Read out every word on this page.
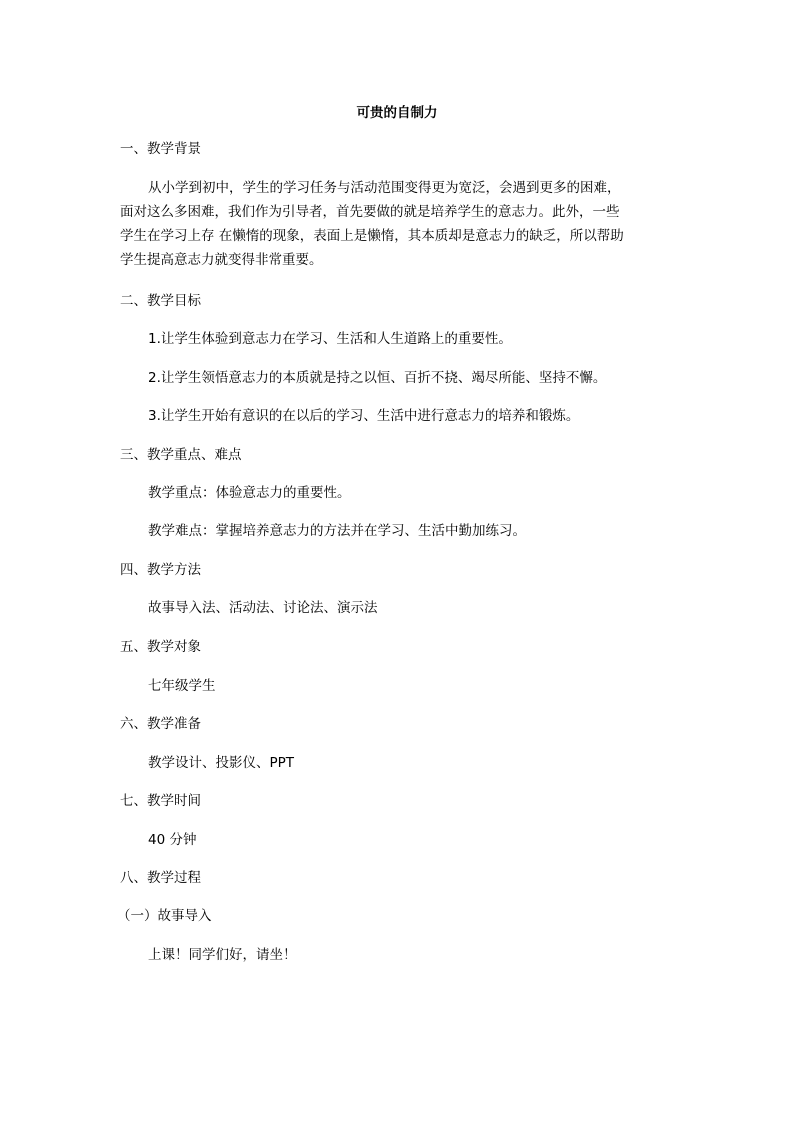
可贵的自制力
一、教学背景
从小学到初中，学生的学习任务与活动范围变得更为宽泛，会遇到更多的困难，
面对这么多困难，我们作为引导者，首先要做的就是培养学生的意志力。此外，一些
学生在学习上存 在懒惰的现象，表面上是懒惰，其本质却是意志力的缺乏，所以帮助
学生提高意志力就变得非常重要。
二、教学目标
1.让学生体验到意志力在学习、生活和人生道路上的重要性。
2.让学生领悟意志力的本质就是持之以恒、百折不挠、竭尽所能、坚持不懈。
3.让学生开始有意识的在以后的学习、生活中进行意志力的培养和锻炼。
三、教学重点、难点
教学重点：体验意志力的重要性。
教学难点：掌握培养意志力的方法并在学习、生活中勤加练习。
四、教学方法
故事导入法、活动法、讨论法、演示法
五、教学对象
七年级学生
六、教学准备
教学设计、投影仪、PPT
七、教学时间
40 分钟
八、教学过程
（一）故事导入
上课！同学们好，请坐！
